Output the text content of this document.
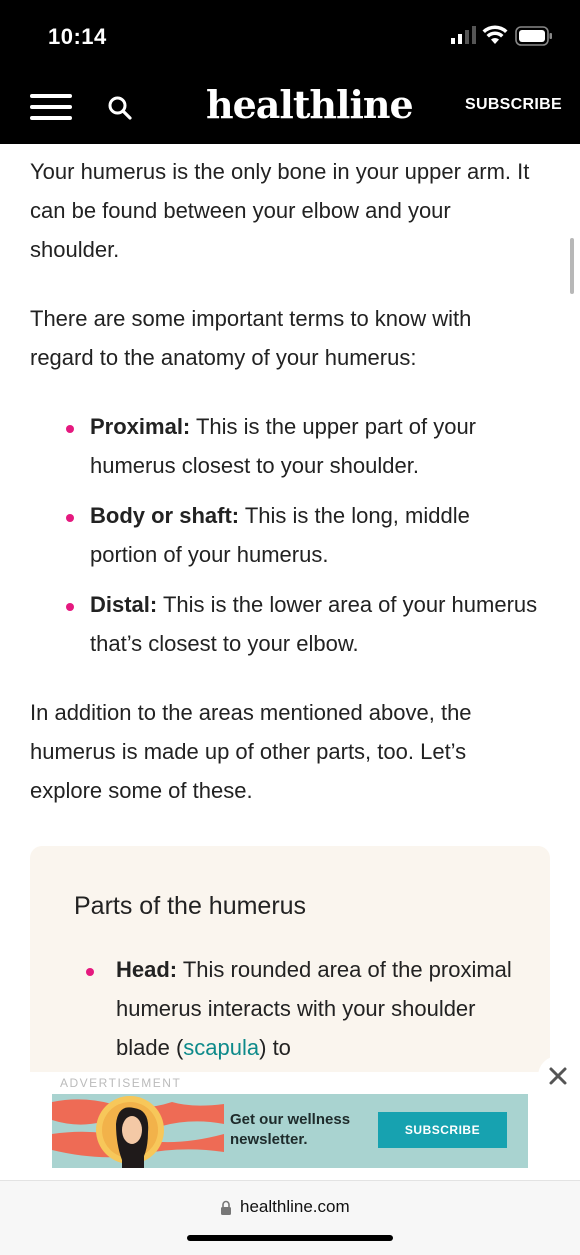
10:14
healthline	SUBSCRIBE

Your humerus is the only bone in your upper arm. It can be found between your elbow and your shoulder.

There are some important terms to know with regard to the anatomy of your humerus:

Proximal: This is the upper part of your humerus closest to your shoulder.
Body or shaft: This is the long, middle portion of your humerus.
Distal: This is the lower area of your humerus that’s closest to your elbow.

In addition to the areas mentioned above, the humerus is made up of other parts, too. Let’s explore some of these.

Parts of the humerus
Head: This rounded area of the proximal humerus interacts with your shoulder blade (scapula) to
ADVERTISEMENT
Get our wellness
newsletter.
SUBSCRIBE
healthline.com
